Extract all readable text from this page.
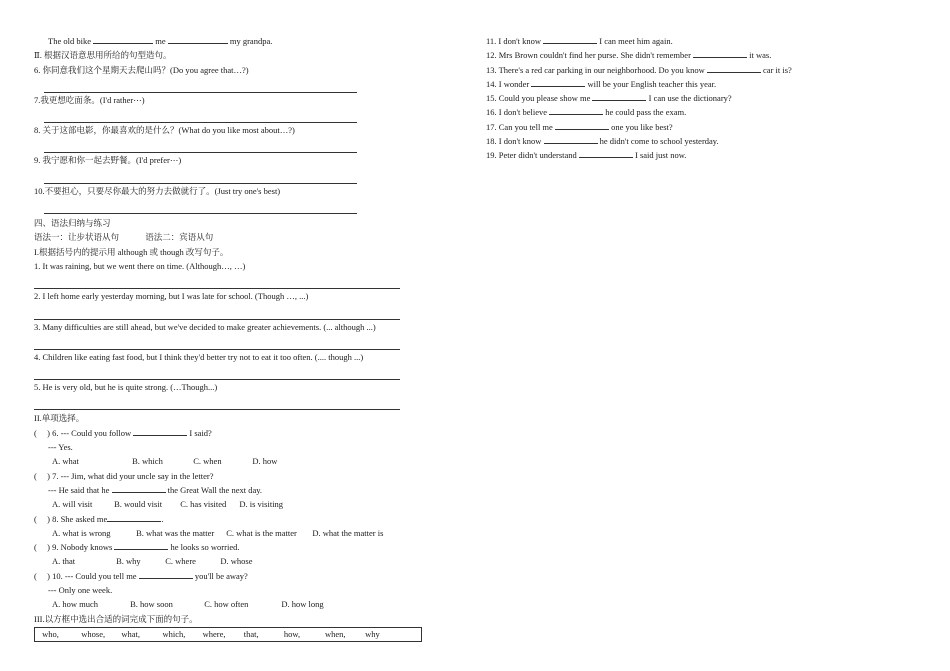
The old bike	me	my grandpa.
Ⅱ. 根据汉语意思用所给的句型造句。
6. 你同意我们这个星期天去爬山吗？(Do you agree that…?)
7.我更想吃面条。(I'd rather⋯)
8. 关于这部电影，你最喜欢的是什么？(What do you like most about…?)
9. 我宁愿和你一起去野餐。(I'd prefer⋯)
10.不要担心，只要尽你最大的努力去做就行了。(Just try one's best)
四、语法归纳与练习
语法一：让步状语从句	语法二：宾语从句
I.根据括号内的提示用 although 或 though 改写句子。
1. It was raining, but we went there on time. (Although…, …)
2. I left home early yesterday morning, but I was late for school. (Though …, ...)
3. Many difficulties are still ahead, but we've decided to make greater achievements. (... although ...)
4. Children like eating fast food, but I think they'd better try not to eat it too often. (.... though ...)
5. He is very old, but he is quite strong. (…Though...)
II.单项选择。
( ) 6. --- Could you follow	I said?
--- Yes.
A. what	B. which	C. when	D. how
( ) 7. --- Jim, what did your uncle say in the letter?
--- He said that he	the Great Wall the next day.
A. will visit	B. would visit C. has visited D. is visiting
( ) 8. She asked me	.
A. what is wrong	B. what was the matter C. what is the matter D. what the matter is
( ) 9. Nobody knows	he looks so worried.
A. that	B. why	C. where	D. whose
( ) 10. --- Could you tell me	you'll be away?
--- Only one week.
A. how much	B. how soon	C. how often	D. how long
III.以方框中选出合适的词完成下面的句子。
who,	whose, what,	which, where, that,	how,	when, why
11. I don't know	I can meet him again.
12. Mrs Brown couldn't find her purse. She didn't remember	it was.
13. There's a red car parking in our neighborhood. Do you know	car it is?
14. I wonder	will be your English teacher this year.
15. Could you please show me	I can use the dictionary?
16. I don't believe	he could pass the exam.
17. Can you tell me	one you like best?
18. I don't know	he didn't come to school yesterday.
19. Peter didn't understand	I said just now.
